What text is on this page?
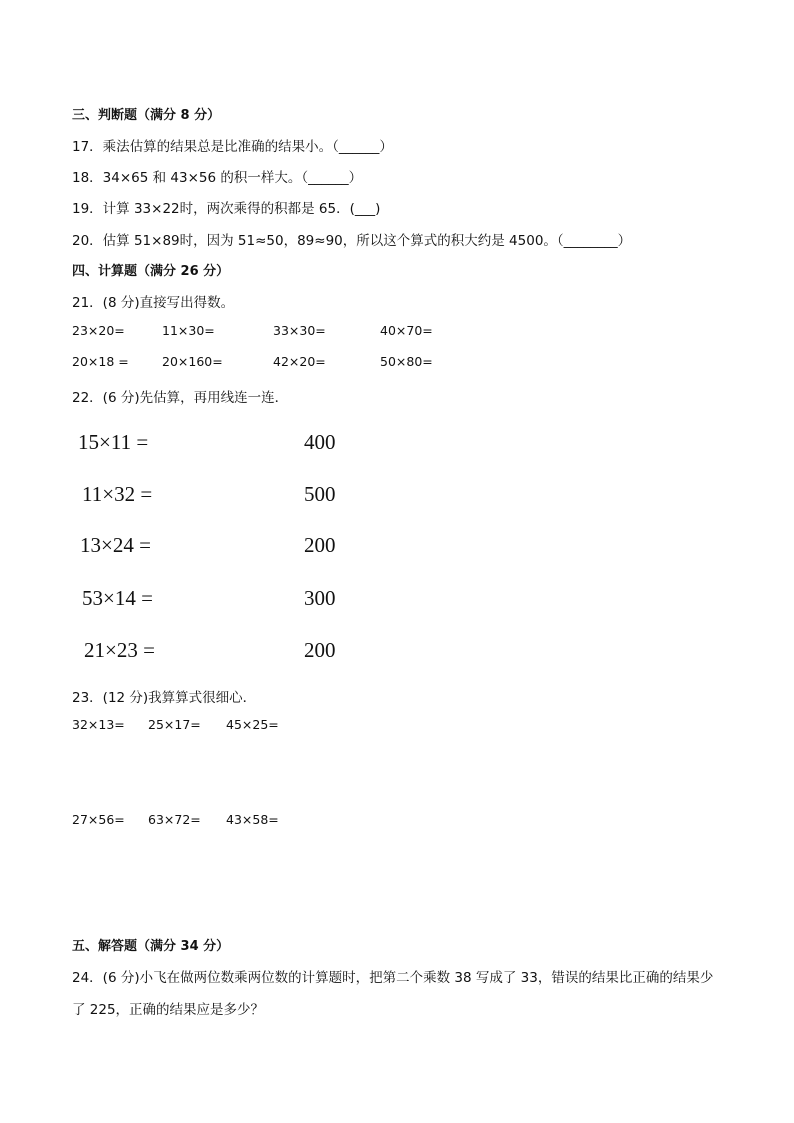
三、判断题（满分 8 分）
17．乘法估算的结果总是比准确的结果小。（______）
18．34×65 和 43×56 的积一样大。（______）
19．计算 33×22时，两次乘得的积都是 65．(___)
20．估算 51×89时，因为 51≈50，89≈90，所以这个算式的积大约是 4500。（________）
四、计算题（满分 26 分）
21．(8 分)直接写出得数。
23×20=	11×30=	33×30=	40×70=
20×18 =	20×160=	42×20=	50×80=
22．(6 分)先估算，再用线连一连．
15×11 =
11×32 =
13×24 =
53×14 =
21×23 =
400
500
200
300
200
23．(12 分)我算算式很细心．
32×13= 25×17= 45×25=
27×56= 63×72= 43×58=
五、解答题（满分 34 分）
24．(6 分)小飞在做两位数乘两位数的计算题时，把第二个乘数 38 写成了 33，错误的结果比正确的结果少
了 225，正确的结果应是多少？
